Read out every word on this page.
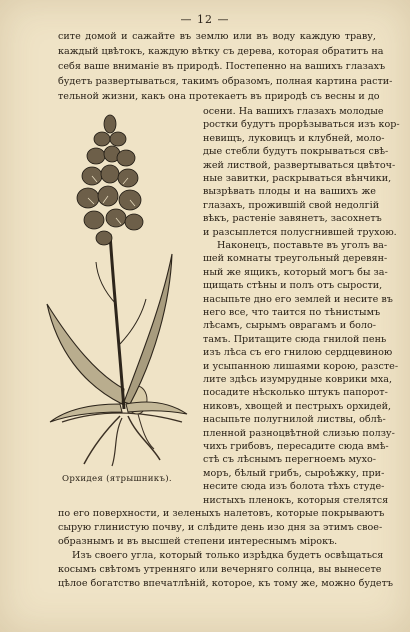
— 12 —
сите домой и сажайте въ землю или въ воду каждую траву,
каждый цвѣтокъ, каждую вѣтку съ дерева, которая обратитъ на
себя ваше вниманіе въ природѣ. Постепенно на вашихъ глазахъ
будетъ развертываться, такимъ образомъ, полная картина расти-
тельной жизни, какъ она протекаетъ въ природѣ съ весны и до
Орхидея (ятрышникъ).
осени. На вашихъ глазахъ молодые
ростки будутъ прорѣзываться изъ кор-
невищъ, луковицъ и клубней, моло-
дые стебли будутъ покрываться свѣ-
жей листвой, развертываться цвѣточ-
ные завитки, раскрываться вѣнчики,
вызрѣвать плоды и на вашихъ же
глазахъ, прожившій свой недолгій
вѣкъ, растеніе завянетъ, засохнетъ
и разсыплется полусгнившей трухою.
Наконецъ, поставьте въ уголъ ва-
шей комнаты треугольный деревян-
ный же ящикъ, который могъ бы за-
щищать стѣны и полъ отъ сырости,
насыпьте дно его землей и несите въ
него все, что таится по тѣнистымъ
лѣсамъ, сырымъ оврагамъ и боло-
тамъ. Притащите сюда гнилой пень
изъ лѣса съ его гнилою сердцевиною
и усыпанною лишаями корою, разсте-
лите здѣсь изумрудные коврики мха,
посадите нѣсколько штукъ папорот-
никовъ, хвощей и пестрыхъ орхидей,
насыпьте полугнилой листвы, облѣ-
пленной разноцвѣтной слизью ползу-
чихъ грибовъ, пересадите сюда вмѣ-
стѣ съ лѣснымъ перегноемъ мухо-
моръ, бѣлый грибъ, сыроѣжку, при-
несите сюда изъ болота тѣхъ студе-
нистыхъ пленокъ, которыя стелятся
по его поверхности, и зеленыхъ налетовъ, которые покрываютъ
сырую глинистую почву, и слѣдите день изо дня за этимъ свое-
образнымъ и въ высшей степени интереснымъ мірокъ.
Изъ своего угла, который только изрѣдка будетъ освѣщаться
косымъ свѣтомъ утренняго или вечерняго солнца, вы вынесете
цѣлое богатство впечатлѣній, которое, къ тому же, можно будетъ
